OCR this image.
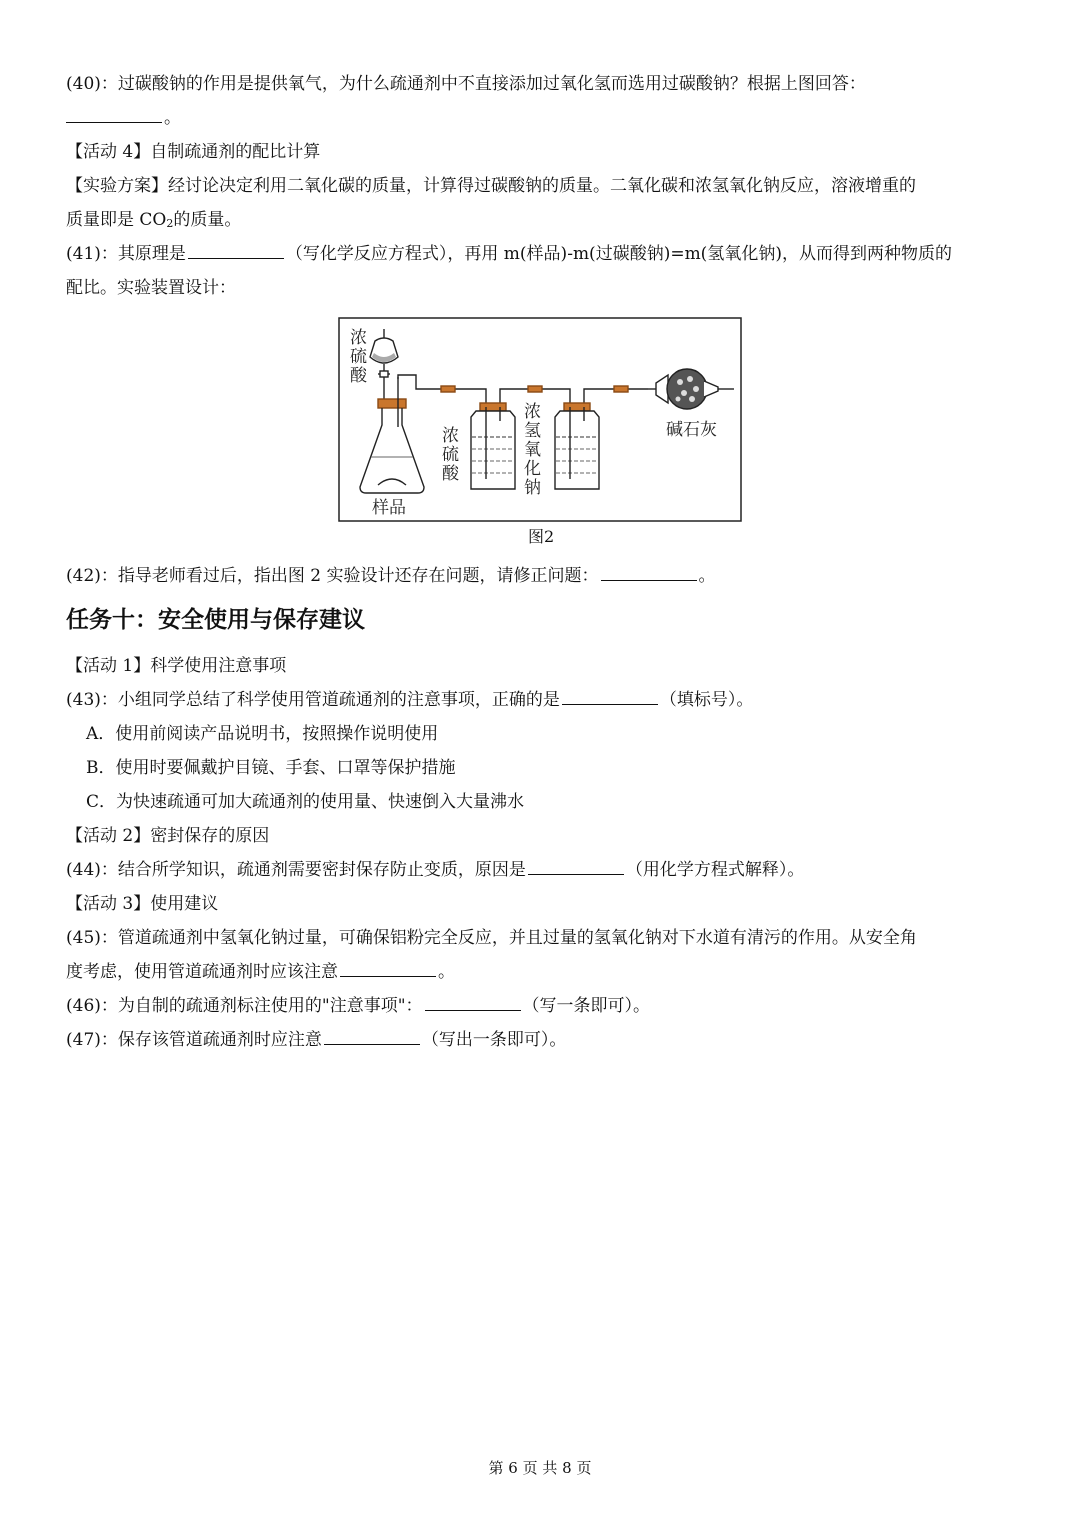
(40)：过碳酸钠的作用是提供氧气，为什么疏通剂中不直接添加过氧化氢而选用过碳酸钠？根据上图回答：
。
【活动 4】自制疏通剂的配比计算
【实验方案】经讨论决定利用二氧化碳的质量，计算得过碳酸钠的质量。二氧化碳和浓氢氧化钠反应，溶液增重的
质量即是 CO2的质量。
(41)：其原理是	（写化学反应方程式），再用 m(样品)-m(过碳酸钠)=m(氢氧化钠)，从而得到两种物质的
配比。实验装置设计：
浓
硫
酸
样品
浓
硫
酸
浓
氢
氧
化
钠
碱石灰
图2
(42)：指导老师看过后，指出图 2 实验设计还存在问题，请修正问题：	。
任务十：安全使用与保存建议
【活动 1】科学使用注意事项
(43)：小组同学总结了科学使用管道疏通剂的注意事项，正确的是	（填标号）。
A．使用前阅读产品说明书，按照操作说明使用
B．使用时要佩戴护目镜、手套、口罩等保护措施
C．为快速疏通可加大疏通剂的使用量、快速倒入大量沸水
【活动 2】密封保存的原因
(44)：结合所学知识，疏通剂需要密封保存防止变质，原因是	（用化学方程式解释）。
【活动 3】使用建议
(45)：管道疏通剂中氢氧化钠过量，可确保铝粉完全反应，并且过量的氢氧化钠对下水道有清污的作用。从安全角
度考虑，使用管道疏通剂时应该注意	。
(46)：为自制的疏通剂标注使用的"注意事项"：	（写一条即可）。
(47)：保存该管道疏通剂时应注意	（写出一条即可）。
第 6 页 共 8 页
